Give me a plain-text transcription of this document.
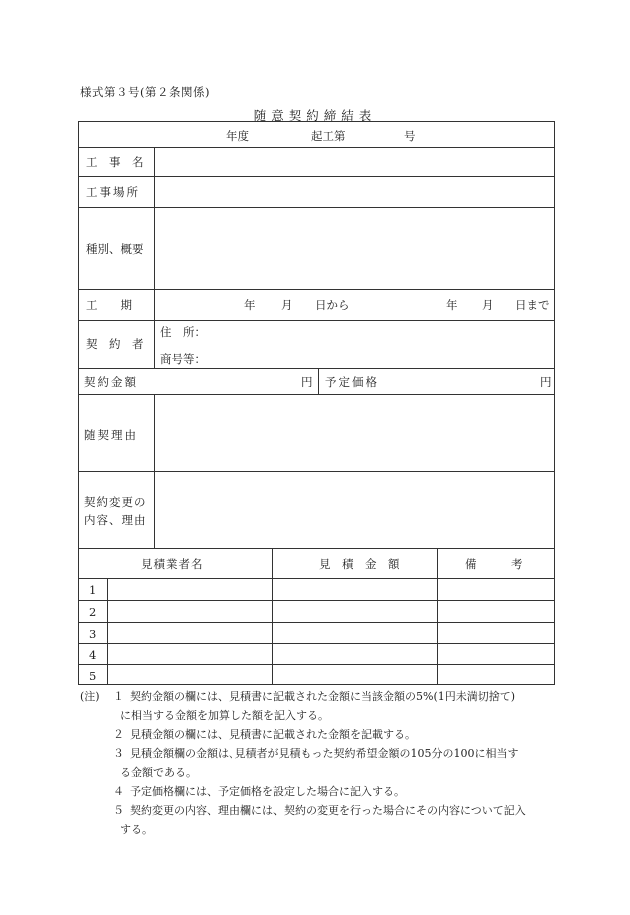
様式第３号(第２条関係)
随意契約締結表
年度	起工第	号
工　事　名
工事場所
種別、概要
工　　期	年 月 日から	年 月 日まで
契　約　者
住　所：
商号等：
契約金額	円 予定価格	円
随契理由
契約変更の
内容、理由
見積業者名	見　積　金　額	備　　　考
1
2
3
4
5
(注) １ 契約金額の欄には、見積書に記載された金額に当該金額の5%(1円未満切捨て)
に相当する金額を加算した額を記入する。
２ 見積金額の欄には、見積書に記載された金額を記載する。
３ 見積金額欄の金額は､見積者が見積もった契約希望金額の105分の100に相当す
る金額である。
４ 予定価格欄には、予定価格を設定した場合に記入する。
５ 契約変更の内容、理由欄には、契約の変更を行った場合にその内容について記入
する。
